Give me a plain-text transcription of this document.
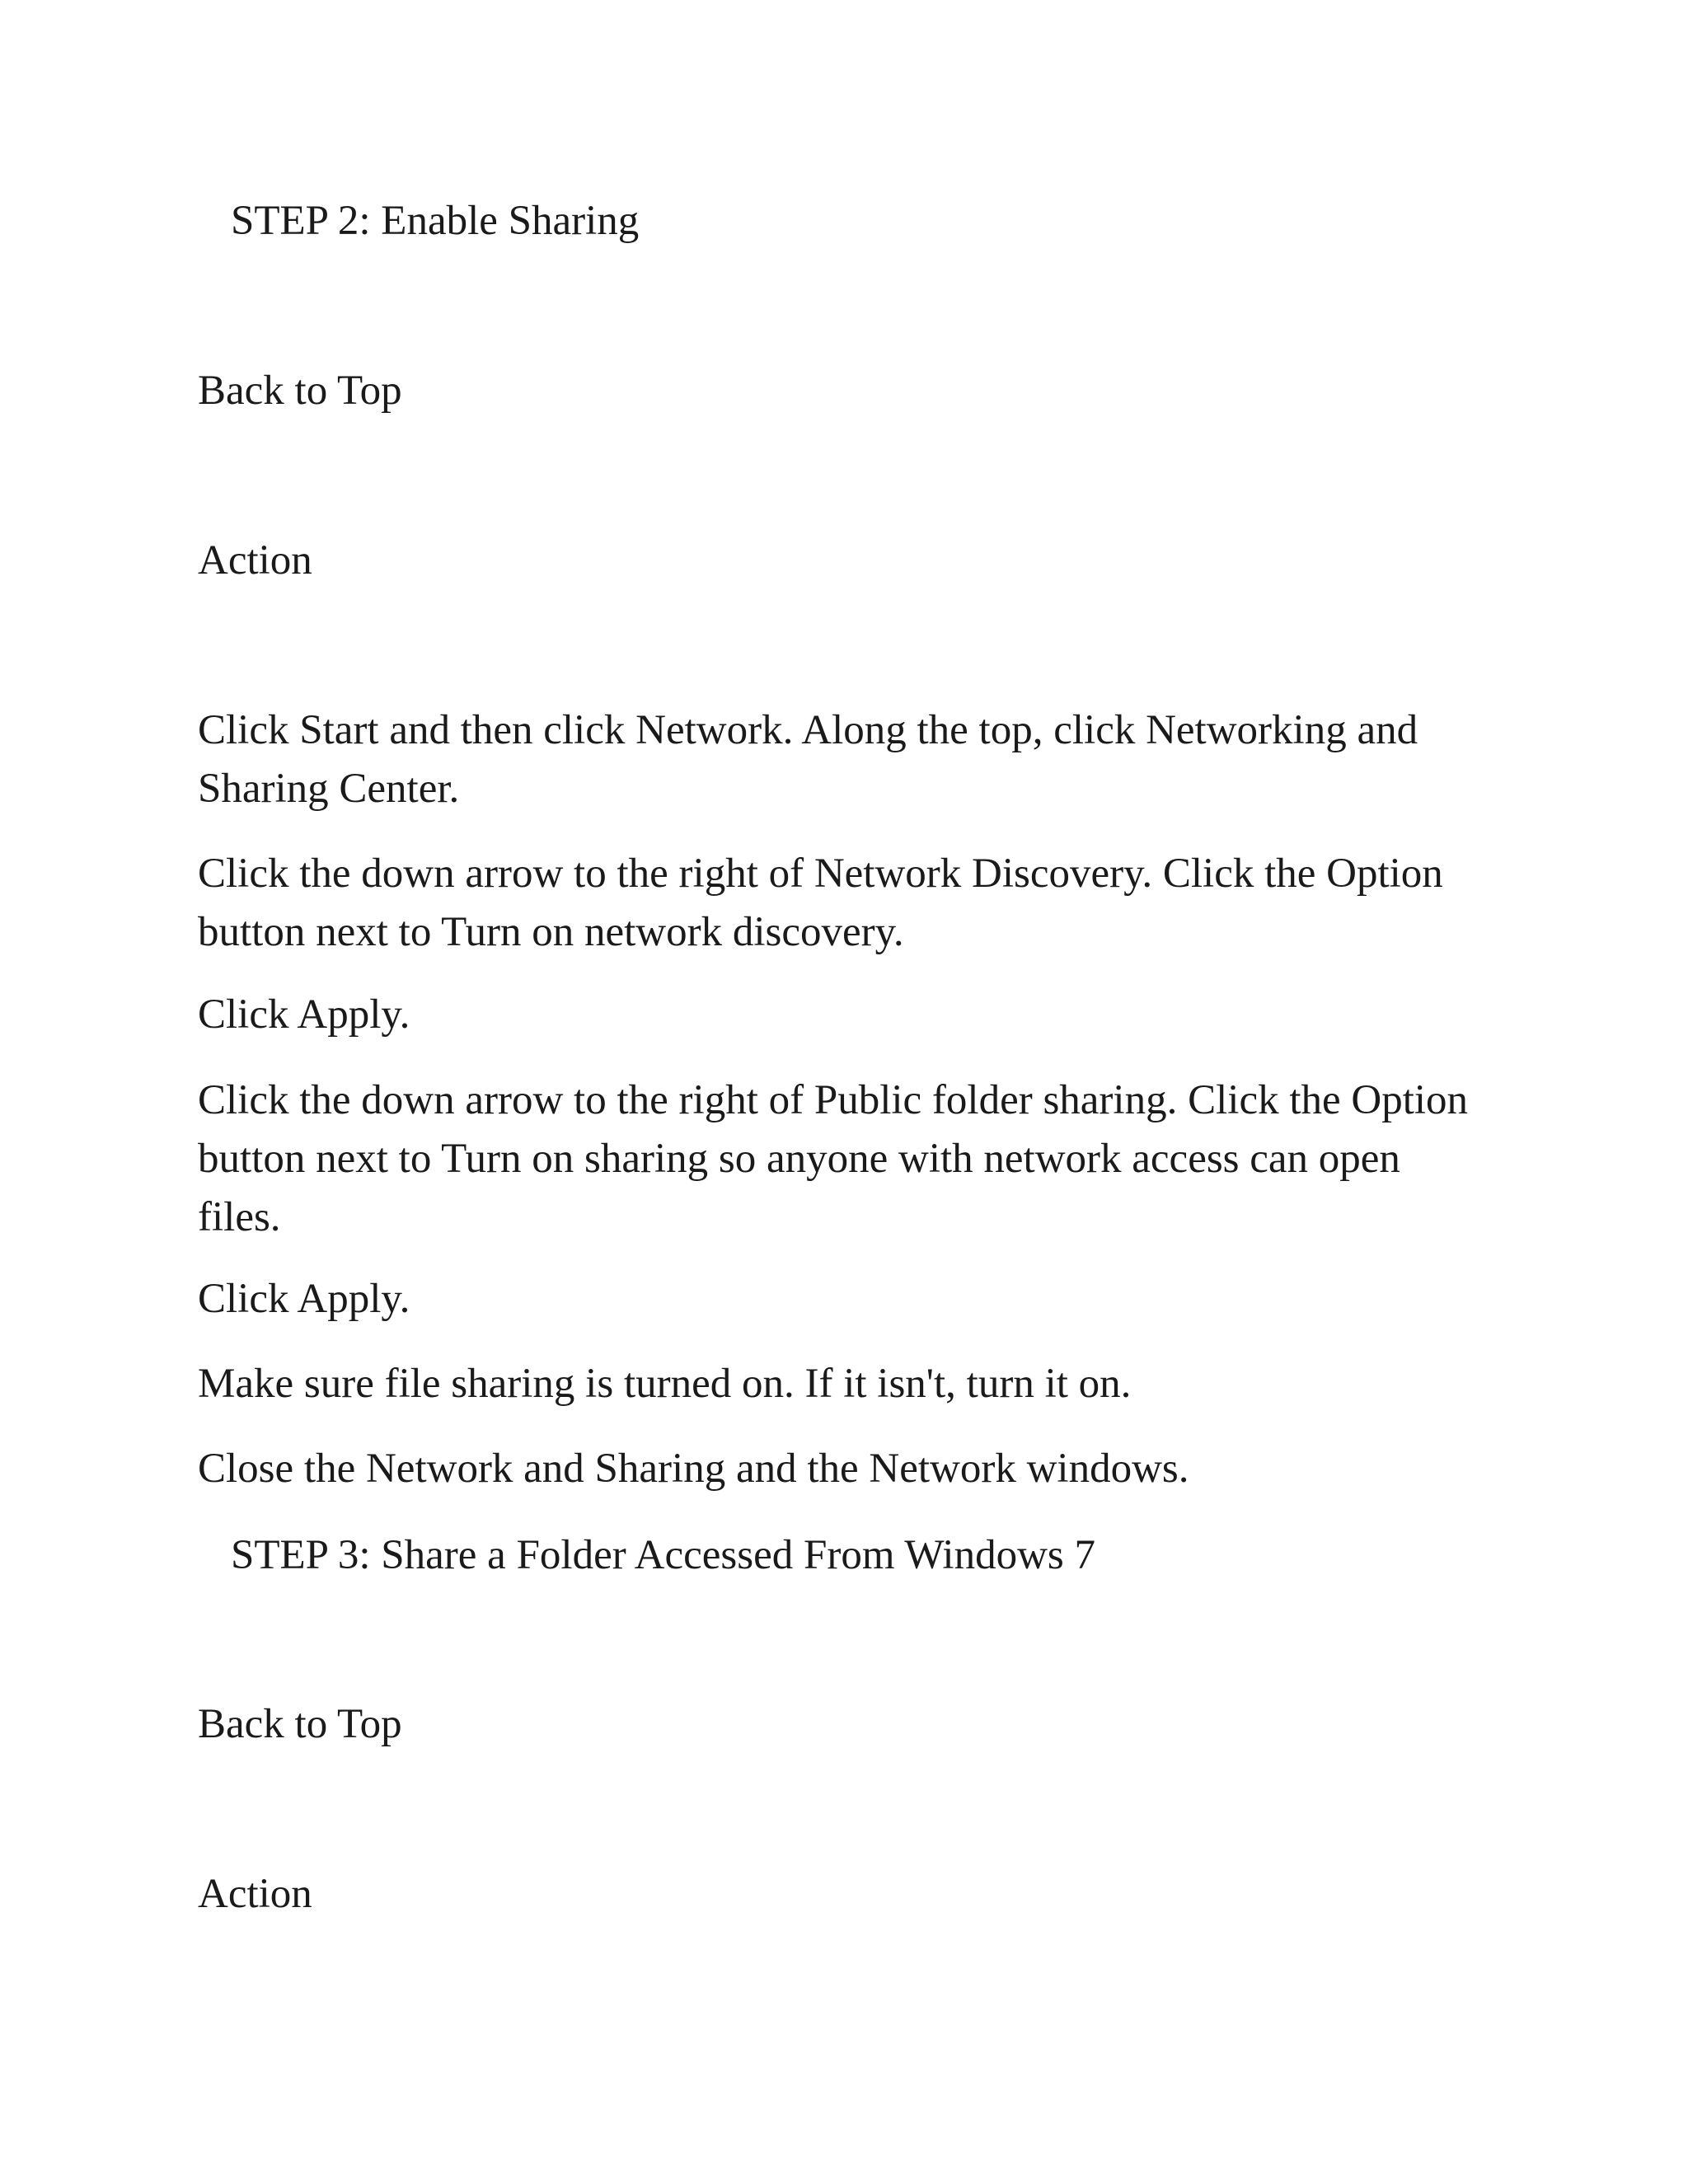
STEP 2: Enable Sharing
Back to Top
Action
Click Start and then click Network. Along the top, click Networking and Sharing Center.
Click the down arrow to the right of Network Discovery. Click the Option button next to Turn on network discovery.
Click Apply.
Click the down arrow to the right of Public folder sharing. Click the Option button next to Turn on sharing so anyone with network access can open files.
Click Apply.
Make sure file sharing is turned on. If it isn't, turn it on.
Close the Network and Sharing and the Network windows.
STEP 3: Share a Folder Accessed From Windows 7
Back to Top
Action
